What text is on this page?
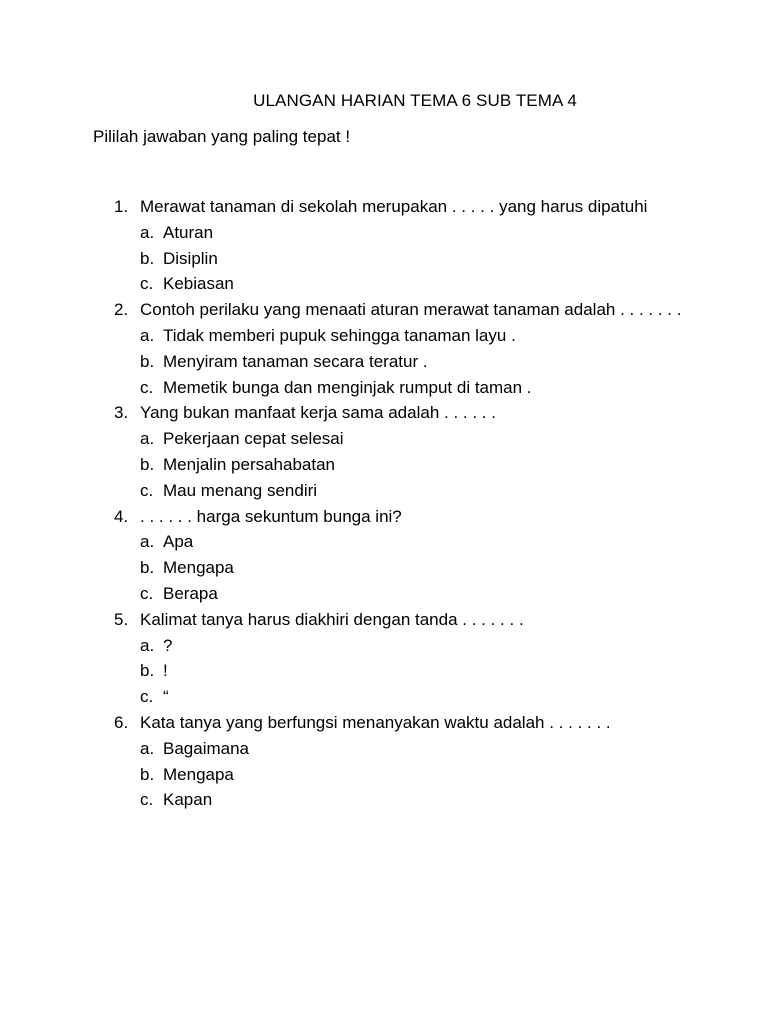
ULANGAN HARIAN TEMA 6 SUB TEMA 4
Pililah jawaban yang paling tepat !
1. Merawat tanaman di sekolah merupakan . . . . . yang harus dipatuhi
a. Aturan
b. Disiplin
c. Kebiasan
2. Contoh perilaku yang menaati aturan merawat tanaman adalah . . . . . . .
a. Tidak memberi pupuk sehingga tanaman layu .
b. Menyiram tanaman secara teratur .
c. Memetik bunga dan menginjak rumput di taman .
3. Yang bukan manfaat kerja sama adalah . . . . . .
a. Pekerjaan cepat selesai
b. Menjalin persahabatan
c. Mau menang sendiri
4. . . . . . . harga sekuntum bunga ini?
a. Apa
b. Mengapa
c. Berapa
5. Kalimat tanya harus diakhiri dengan tanda . . . . . . .
a. ?
b. !
c. “
6. Kata tanya yang berfungsi menanyakan waktu adalah . . . . . . .
a. Bagaimana
b. Mengapa
c. Kapan
